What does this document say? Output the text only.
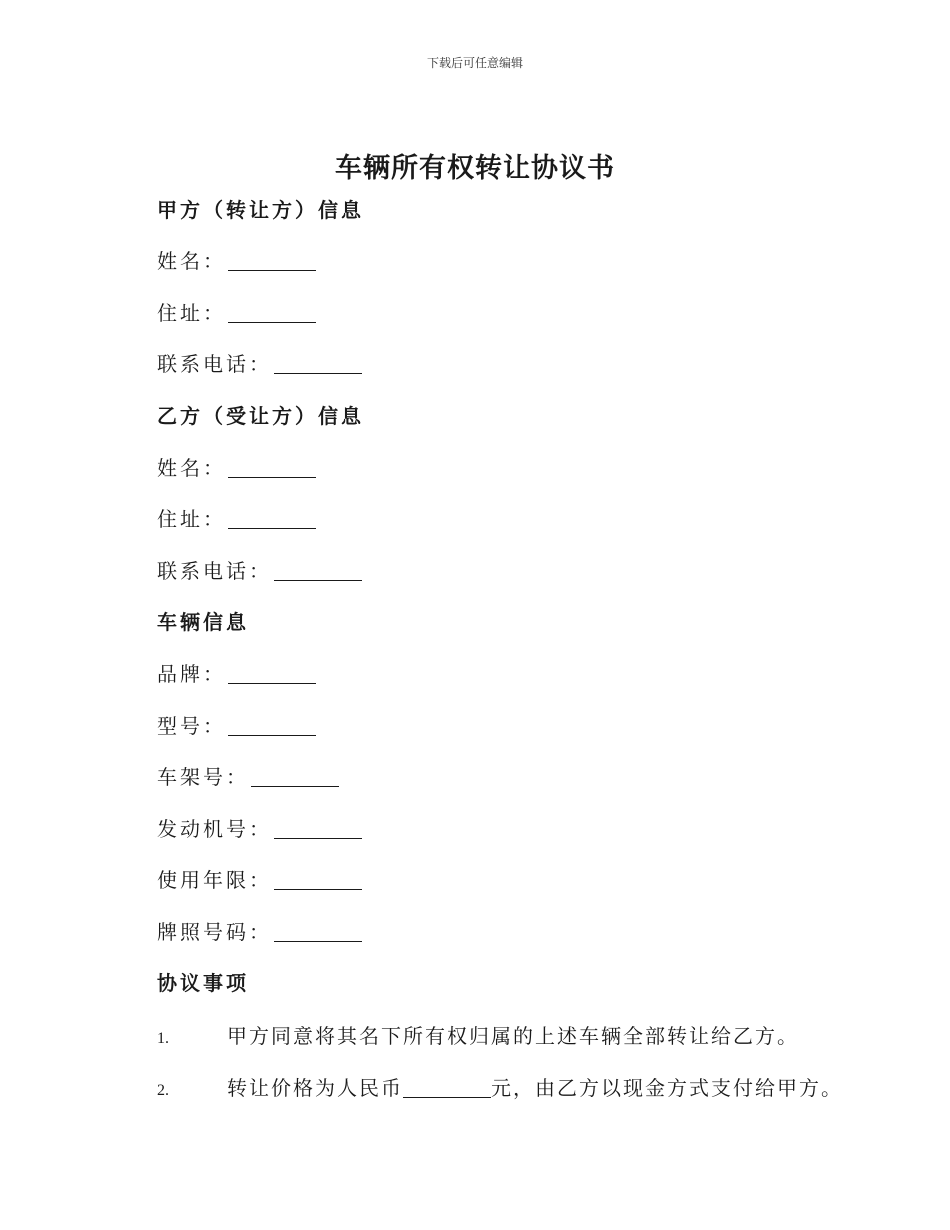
下载后可任意编辑
车辆所有权转让协议书
甲方（转让方）信息
姓名：
住址：
联系电话：
乙方（受让方）信息
姓名：
住址：
联系电话：
车辆信息
品牌：
型号：
车架号：
发动机号：
使用年限：
牌照号码：
协议事项
1.	甲方同意将其名下所有权归属的上述车辆全部转让给乙方。
2.	转让价格为人民币	元，由乙方以现金方式支付给甲方。
